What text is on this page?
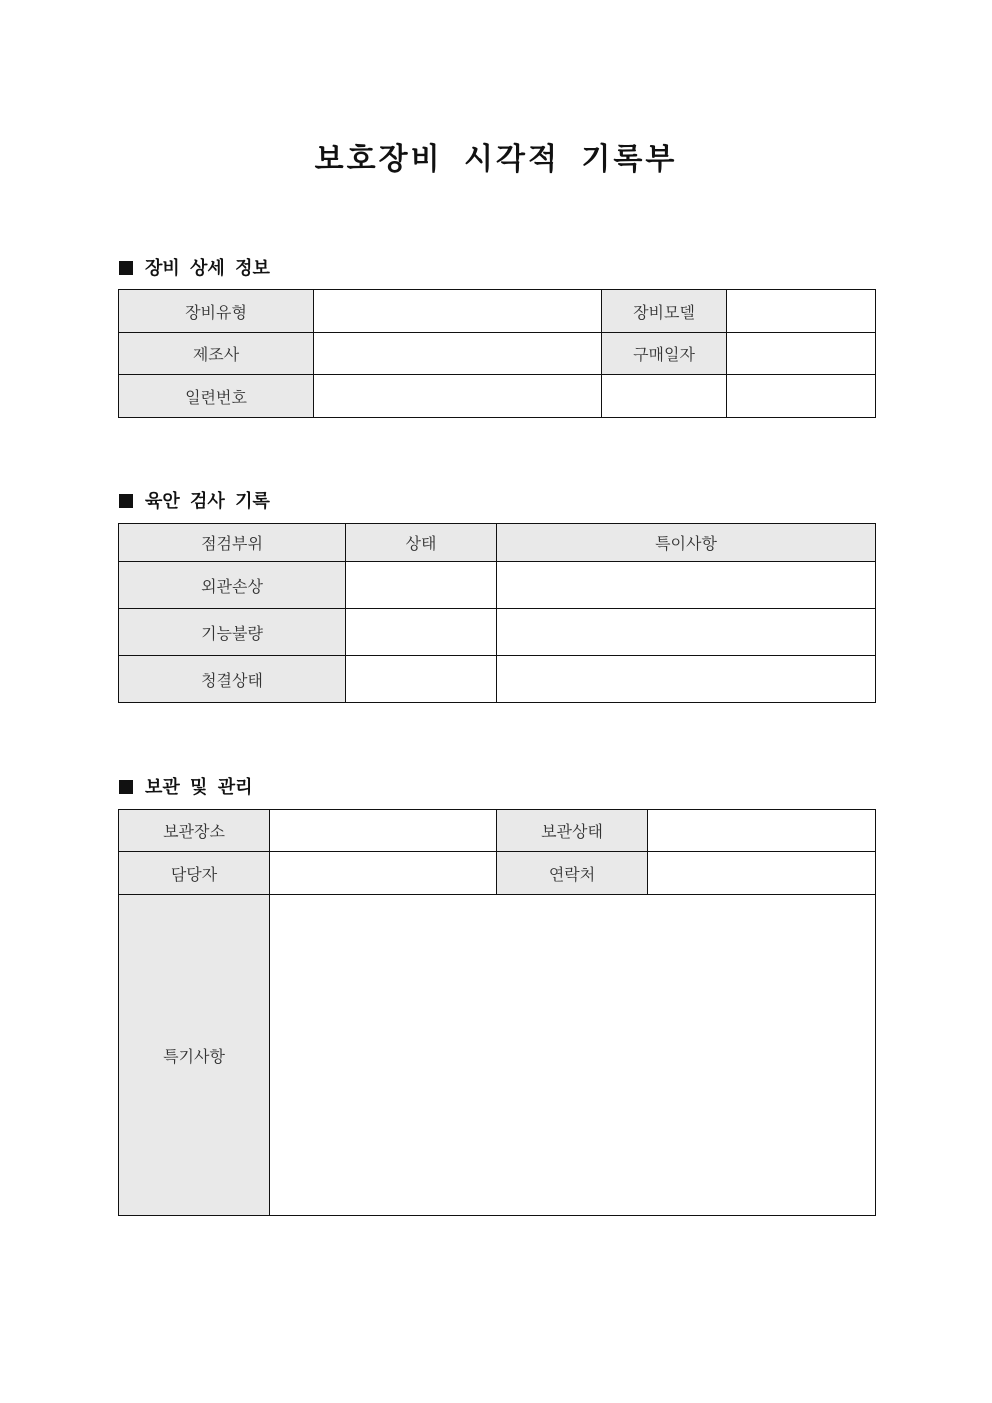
보호장비 시각적 기록부
장비 상세 정보
장비유형		장비모델	
제조사		구매일자	
일련번호			
육안 검사 기록
점검부위	상태	특이사항
외관손상		
기능불량		
청결상태		
보관 및 관리
보관장소		보관상태	
담당자		연락처	
특기사항			
